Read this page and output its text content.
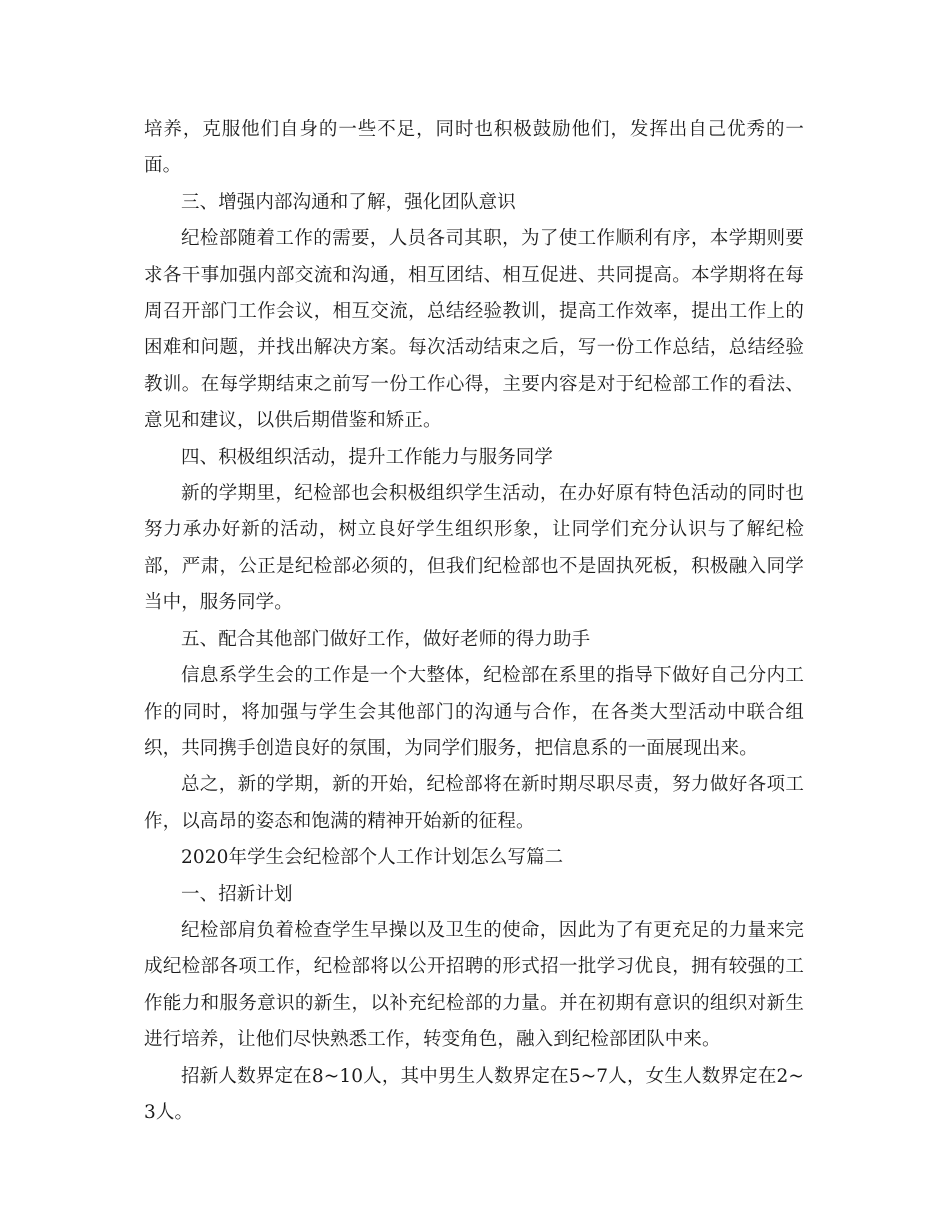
培养，克服他们自身的一些不足，同时也积极鼓励他们，发挥出自己优秀的一面。

三、增强内部沟通和了解，强化团队意识

纪检部随着工作的需要，人员各司其职，为了使工作顺利有序，本学期则要求各干事加强内部交流和沟通，相互团结、相互促进、共同提高。本学期将在每周召开部门工作会议，相互交流，总结经验教训，提高工作效率，提出工作上的困难和问题，并找出解决方案。每次活动结束之后，写一份工作总结，总结经验教训。在每学期结束之前写一份工作心得，主要内容是对于纪检部工作的看法、意见和建议，以供后期借鉴和矫正。

四、积极组织活动，提升工作能力与服务同学

新的学期里，纪检部也会积极组织学生活动，在办好原有特色活动的同时也努力承办好新的活动，树立良好学生组织形象，让同学们充分认识与了解纪检部，严肃，公正是纪检部必须的，但我们纪检部也不是固执死板，积极融入同学当中，服务同学。

五、配合其他部门做好工作，做好老师的得力助手

信息系学生会的工作是一个大整体，纪检部在系里的指导下做好自己分内工作的同时，将加强与学生会其他部门的沟通与合作，在各类大型活动中联合组织，共同携手创造良好的氛围，为同学们服务，把信息系的一面展现出来。

总之，新的学期，新的开始，纪检部将在新时期尽职尽责，努力做好各项工作，以高昂的姿态和饱满的精神开始新的征程。

2020年学生会纪检部个人工作计划怎么写篇二

一、招新计划

纪检部肩负着检查学生早操以及卫生的使命，因此为了有更充足的力量来完成纪检部各项工作，纪检部将以公开招聘的形式招一批学习优良，拥有较强的工作能力和服务意识的新生，以补充纪检部的力量。并在初期有意识的组织对新生进行培养，让他们尽快熟悉工作，转变角色，融入到纪检部团队中来。

招新人数界定在8~10人，其中男生人数界定在5~7人，女生人数界定在2~3人。
